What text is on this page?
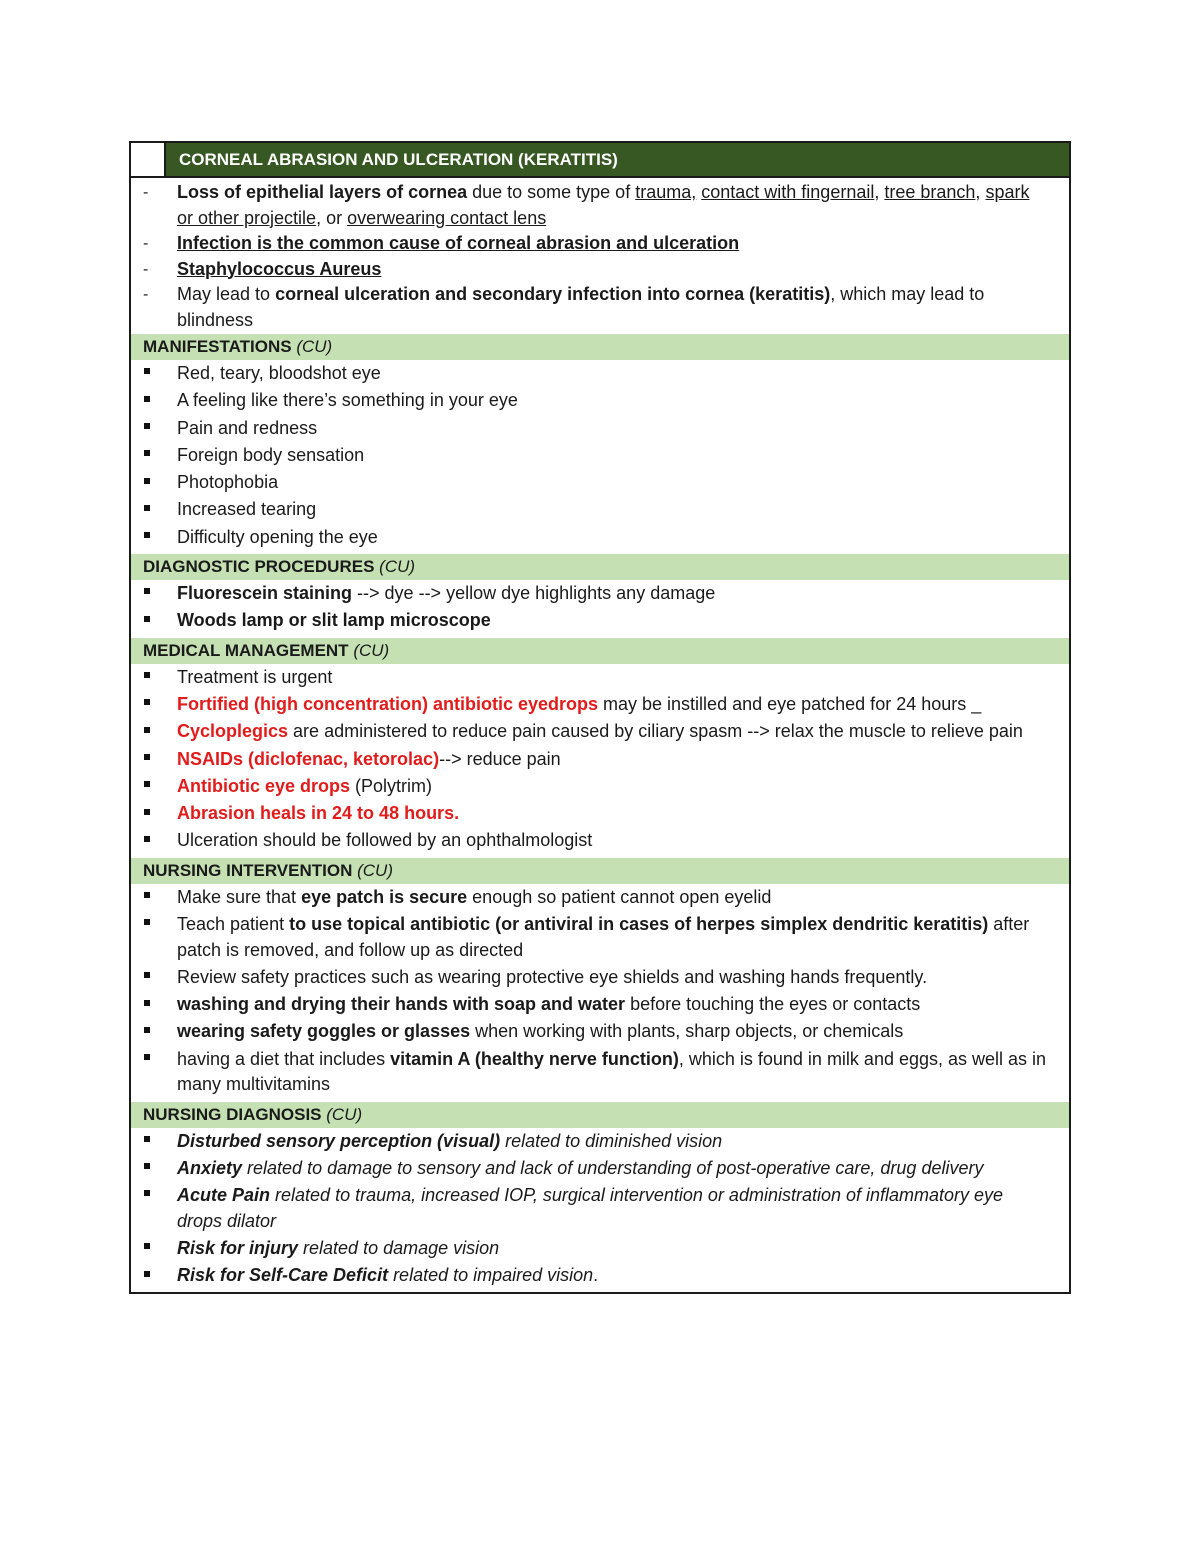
CORNEAL ABRASION AND ULCERATION (KERATITIS)
-	Loss of epithelial layers of cornea due to some type of trauma, contact with fingernail, tree branch, spark or other projectile, or overwearing contact lens
-	Infection is the common cause of corneal abrasion and ulceration
-	Staphylococcus Aureus
-	May lead to corneal ulceration and secondary infection into cornea (keratitis), which may lead to blindness
MANIFESTATIONS (CU)
Red, teary, bloodshot eye
A feeling like there’s something in your eye
Pain and redness
Foreign body sensation
Photophobia
Increased tearing
Difficulty opening the eye
DIAGNOSTIC PROCEDURES (CU)
Fluorescein staining --> dye --> yellow dye highlights any damage
Woods lamp or slit lamp microscope
MEDICAL MANAGEMENT (CU)
Treatment is urgent
Fortified (high concentration) antibiotic eyedrops may be instilled and eye patched for 24 hours _
Cycloplegics are administered to reduce pain caused by ciliary spasm --> relax the muscle to relieve pain
NSAIDs (diclofenac, ketorolac)--> reduce pain
Antibiotic eye drops (Polytrim)
Abrasion heals in 24 to 48 hours.
Ulceration should be followed by an ophthalmologist
NURSING INTERVENTION (CU)
Make sure that eye patch is secure enough so patient cannot open eyelid
Teach patient to use topical antibiotic (or antiviral in cases of herpes simplex dendritic keratitis) after patch is removed, and follow up as directed
Review safety practices such as wearing protective eye shields and washing hands frequently.
washing and drying their hands with soap and water before touching the eyes or contacts
wearing safety goggles or glasses when working with plants, sharp objects, or chemicals
having a diet that includes vitamin A (healthy nerve function), which is found in milk and eggs, as well as in many multivitamins
NURSING DIAGNOSIS (CU)
Disturbed sensory perception (visual) related to diminished vision
Anxiety related to damage to sensory and lack of understanding of post-operative care, drug delivery
Acute Pain related to trauma, increased IOP, surgical intervention or administration of inflammatory eye drops dilator
Risk for injury related to damage vision
Risk for Self-Care Deficit related to impaired vision.
